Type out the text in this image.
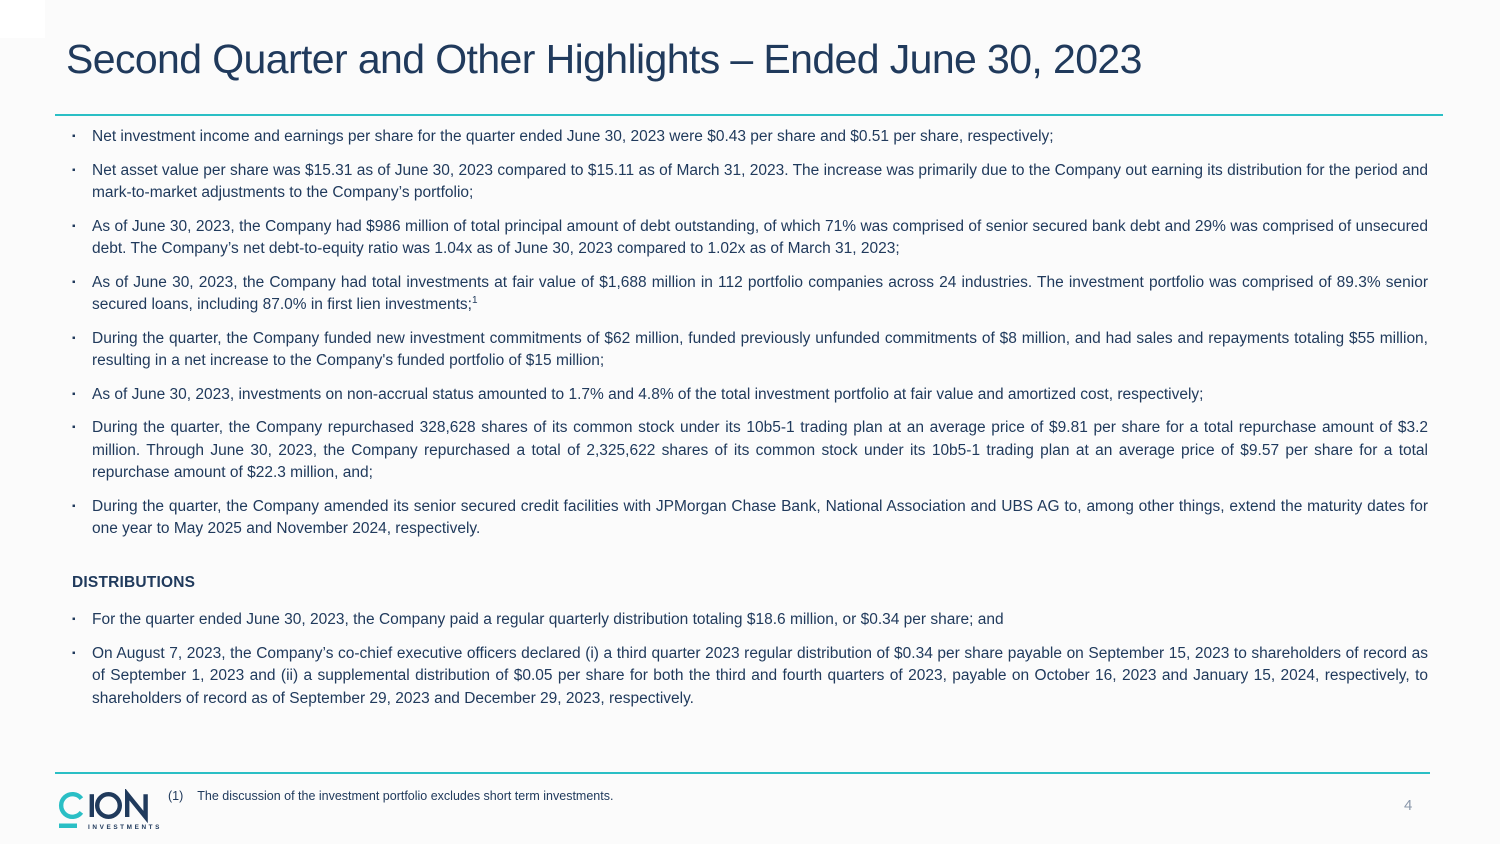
Second Quarter and Other Highlights – Ended June 30, 2023
▪	Net investment income and earnings per share for the quarter ended June 30, 2023 were $0.43 per share and $0.51 per share, respectively;
▪	Net asset value per share was $15.31 as of June 30, 2023 compared to $15.11 as of March 31, 2023. The increase was primarily due to the Company out earning its distribution for the period and mark-to-market adjustments to the Company’s portfolio;
▪	As of June 30, 2023, the Company had $986 million of total principal amount of debt outstanding, of which 71% was comprised of senior secured bank debt and 29% was comprised of unsecured debt. The Company’s net debt-to-equity ratio was 1.04x as of June 30, 2023 compared to 1.02x as of March 31, 2023;
▪	As of June 30, 2023, the Company had total investments at fair value of $1,688 million in 112 portfolio companies across 24 industries. The investment portfolio was comprised of 89.3% senior secured loans, including 87.0% in first lien investments;$^1$
▪	During the quarter, the Company funded new investment commitments of $62 million, funded previously unfunded commitments of $8 million, and had sales and repayments totaling $55 million, resulting in a net increase to the Company's funded portfolio of $15 million;
▪	As of June 30, 2023, investments on non-accrual status amounted to 1.7% and 4.8% of the total investment portfolio at fair value and amortized cost, respectively;
▪	During the quarter, the Company repurchased 328,628 shares of its common stock under its 10b5-1 trading plan at an average price of $9.81 per share for a total repurchase amount of $3.2 million. Through June 30, 2023, the Company repurchased a total of 2,325,622 shares of its common stock under its 10b5-1 trading plan at an average price of $9.57 per share for a total repurchase amount of $22.3 million, and;
▪	During the quarter, the Company amended its senior secured credit facilities with JPMorgan Chase Bank, National Association and UBS AG to, among other things, extend the maturity dates for one year to May 2025 and November 2024, respectively.
DISTRIBUTIONS
▪	For the quarter ended June 30, 2023, the Company paid a regular quarterly distribution totaling $18.6 million, or $0.34 per share; and
▪	On August 7, 2023, the Company’s co-chief executive officers declared (i) a third quarter 2023 regular distribution of $0.34 per share payable on September 15, 2023 to shareholders of record as of September 1, 2023 and (ii) a supplemental distribution of $0.05 per share for both the third and fourth quarters of 2023, payable on October 16, 2023 and January 15, 2024, respectively, to shareholders of record as of September 29, 2023 and December 29, 2023, respectively.
INVESTMENTS
(1) The discussion of the investment portfolio excludes short term investments.
4
